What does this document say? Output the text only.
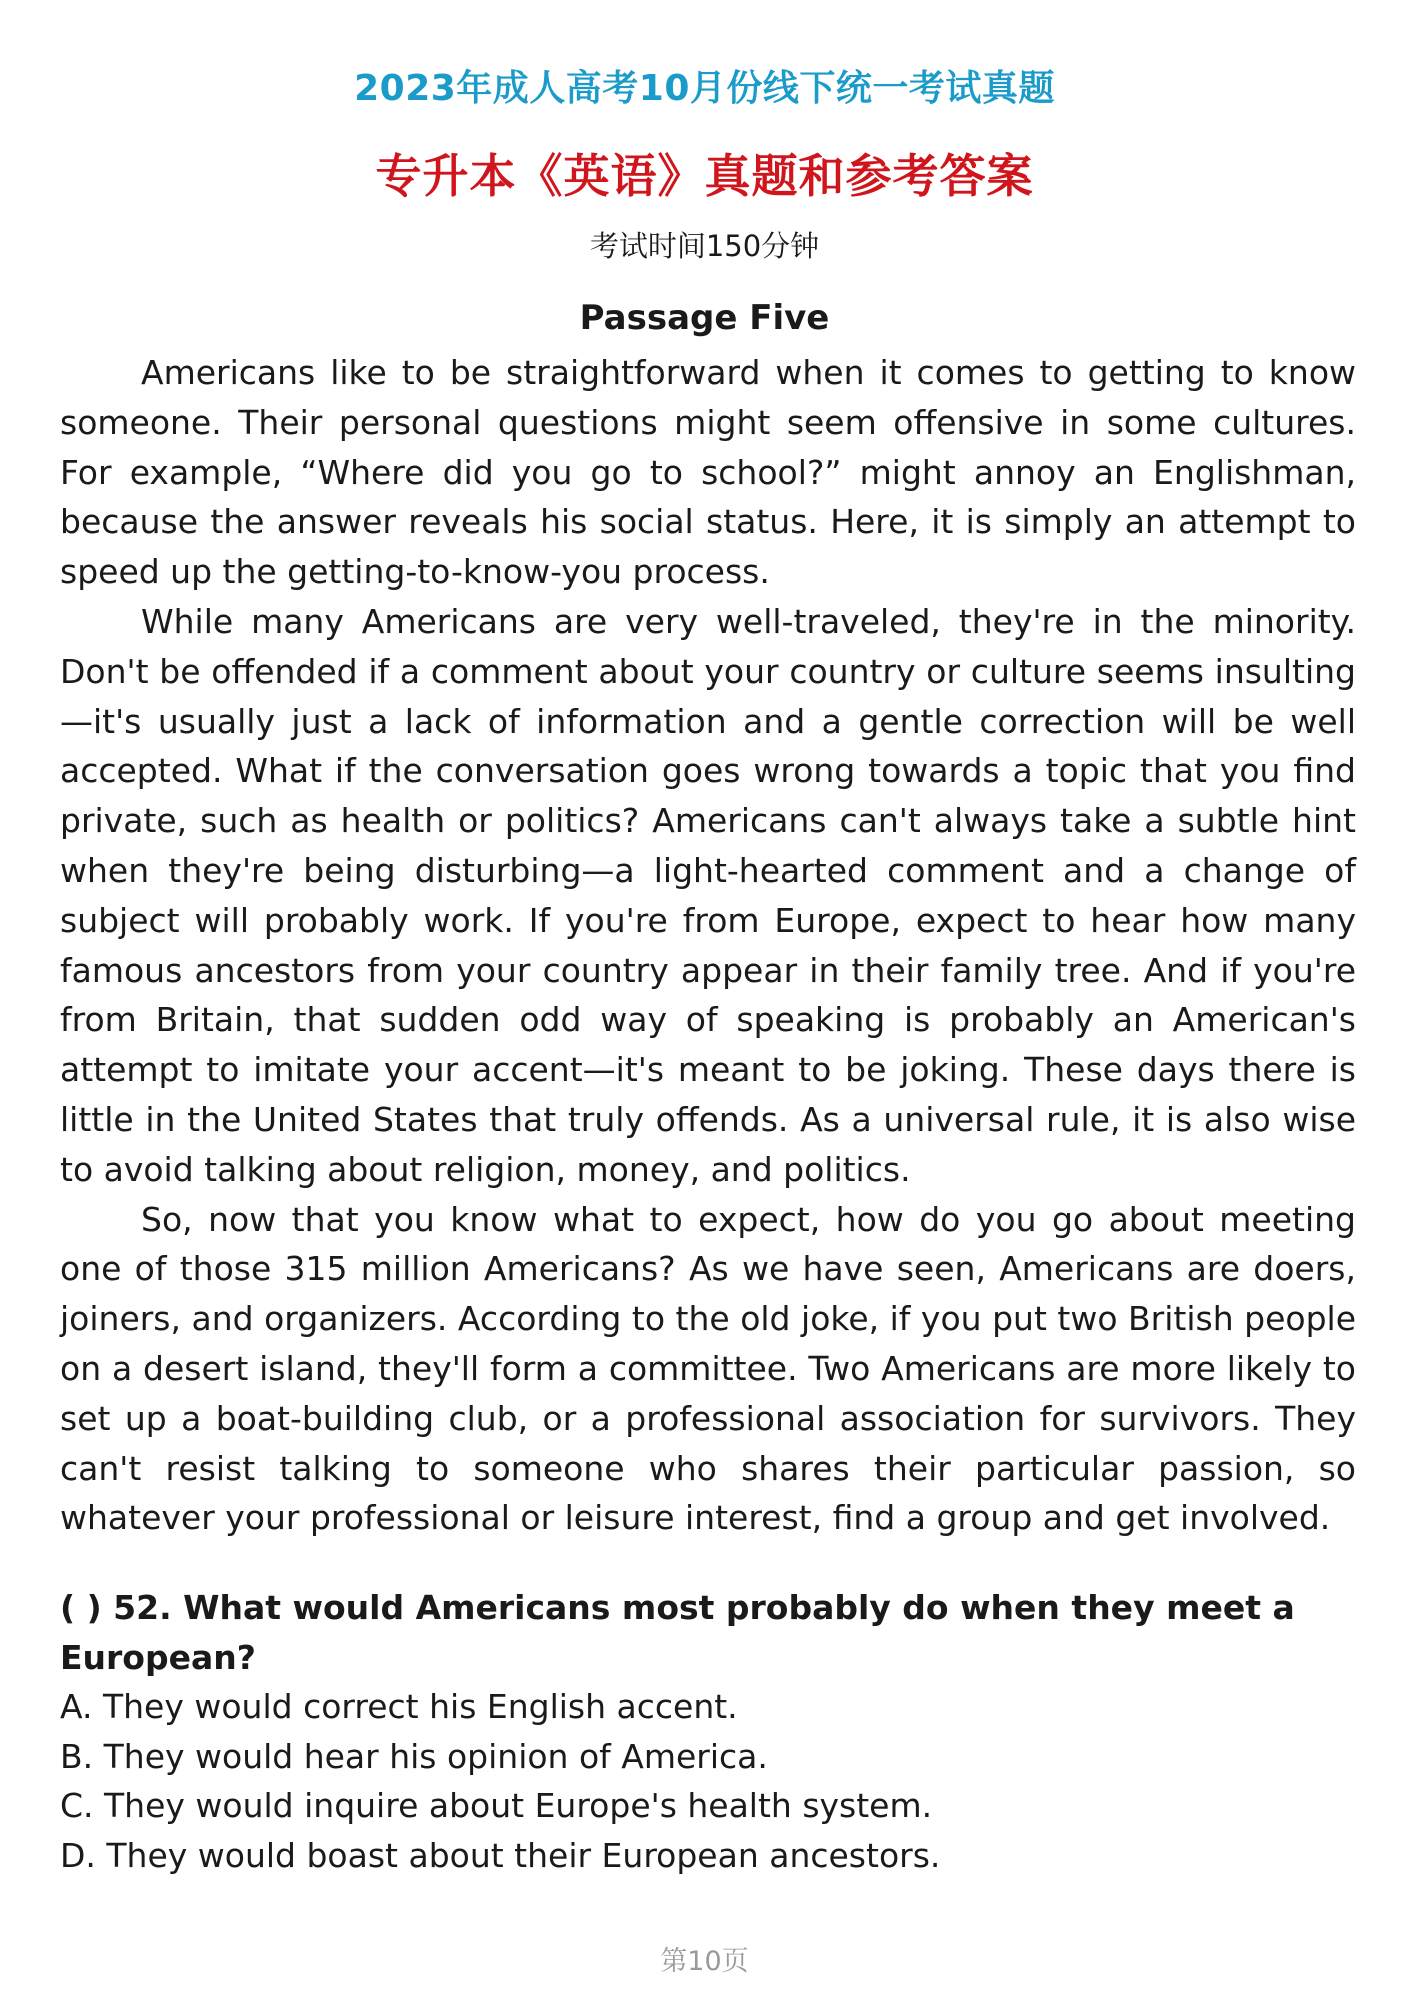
2023年成人高考10月份线下统一考试真题
专升本《英语》真题和参考答案
考试时间150分钟
Passage Five

Americans like to be straightforward when it comes to getting to know someone. Their personal questions might seem offensive in some cultures. For example, “Where did you go to school?” might annoy an Englishman, because the answer reveals his social status. Here, it is simply an attempt to speed up the getting-to-know-you process.

While many Americans are very well-traveled, they're in the minority. Don't be offended if a comment about your country or culture seems insulting—it's usually just a lack of information and a gentle correction will be well accepted. What if the conversation goes wrong towards a topic that you find private, such as health or politics? Americans can't always take a subtle hint when they're being disturbing—a light-hearted comment and a change of subject will probably work. If you're from Europe, expect to hear how many famous ancestors from your country appear in their family tree. And if you're from Britain, that sudden odd way of speaking is probably an American's attempt to imitate your accent—it's meant to be joking. These days there is little in the United States that truly offends. As a universal rule, it is also wise to avoid talking about religion, money, and politics.

So, now that you know what to expect, how do you go about meeting one of those 315 million Americans? As we have seen, Americans are doers, joiners, and organizers. According to the old joke, if you put two British people on a desert island, they'll form a committee. Two Americans are more likely to set up a boat-building club, or a professional association for survivors. They can't resist talking to someone who shares their particular passion, so whatever your professional or leisure interest, find a group and get involved.

( ) 52. What would Americans most probably do when they meet a European?

A. They would correct his English accent.

B. They would hear his opinion of America.

C. They would inquire about Europe's health system.

D. They would boast about their European ancestors.

第10页
